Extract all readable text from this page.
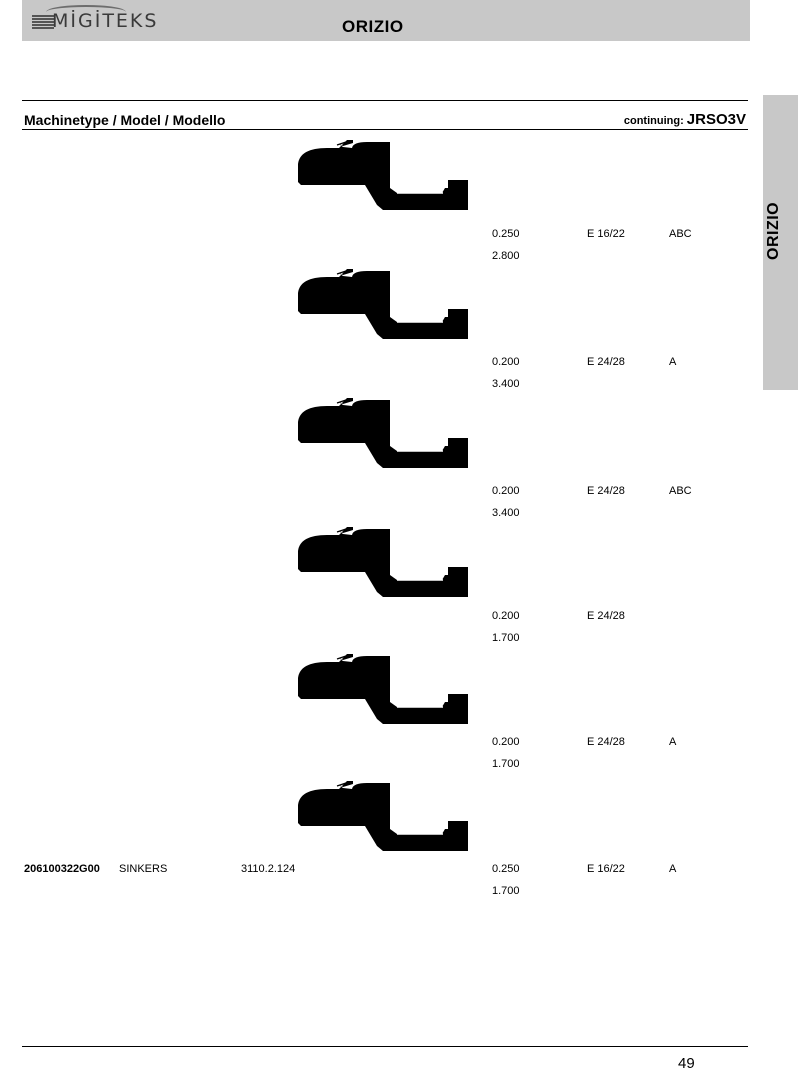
MİGİTEKS	ORIZIO
ORIZIO
Machinetype / Model / Modello	continuing: JRSO3V
0.250	E 16/22	ABC
2.800
0.200	E 24/28	A
3.400
0.200	E 24/28	ABC
3.400
0.200	E 24/28
1.700
0.200	E 24/28	A
1.700
206100322G00 SINKERS	3110.2.124	0.250	E 16/22	A
1.700
49
